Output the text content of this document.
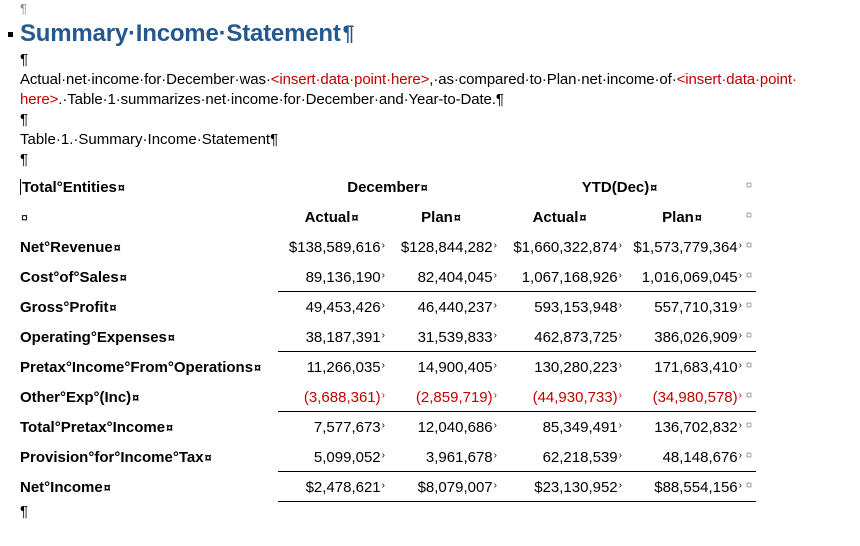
¶
Summary·Income·Statement ¶
¶
Actual·net·income·for·December·was·<insert·data·point·here>,·as·compared·to·Plan·net·income·of·<insert·data·point·
here>.·Table·1·summarizes·net·income·for·December·and·Year-to-Date.¶
¶
Table·1.·Summary·Income·Statement¶
¶
Total°Entities¤	December¤	YTD(Dec)¤	¤
¤	Actual¤	Plan¤	Actual¤	Plan¤	¤
Net°Revenue¤	$138,589,616›	$128,844,282›	$1,660,322,874› $1,573,779,364› ¤
Cost°of°Sales¤	89,136,190›	82,404,045›	1,067,168,926›	1,016,069,045› ¤
Gross°Profit¤	49,453,426›	46,440,237›	593,153,948›	557,710,319› ¤
Operating°Expenses¤	38,187,391›	31,539,833›	462,873,725›	386,026,909› ¤
Pretax°Income°From°Operations¤	11,266,035›	14,900,405›	130,280,223›	171,683,410› ¤
Other°Exp°(Inc)¤	(3,688,361)›	(2,859,719)›	(44,930,733)›	(34,980,578)› ¤
Total°Pretax°Income¤	7,577,673›	12,040,686›	85,349,491›	136,702,832› ¤
Provision°for°Income°Tax¤	5,099,052›	3,961,678›	62,218,539›	48,148,676› ¤
Net°Income¤	$2,478,621›	$8,079,007›	$23,130,952›	$88,554,156› ¤
¶
